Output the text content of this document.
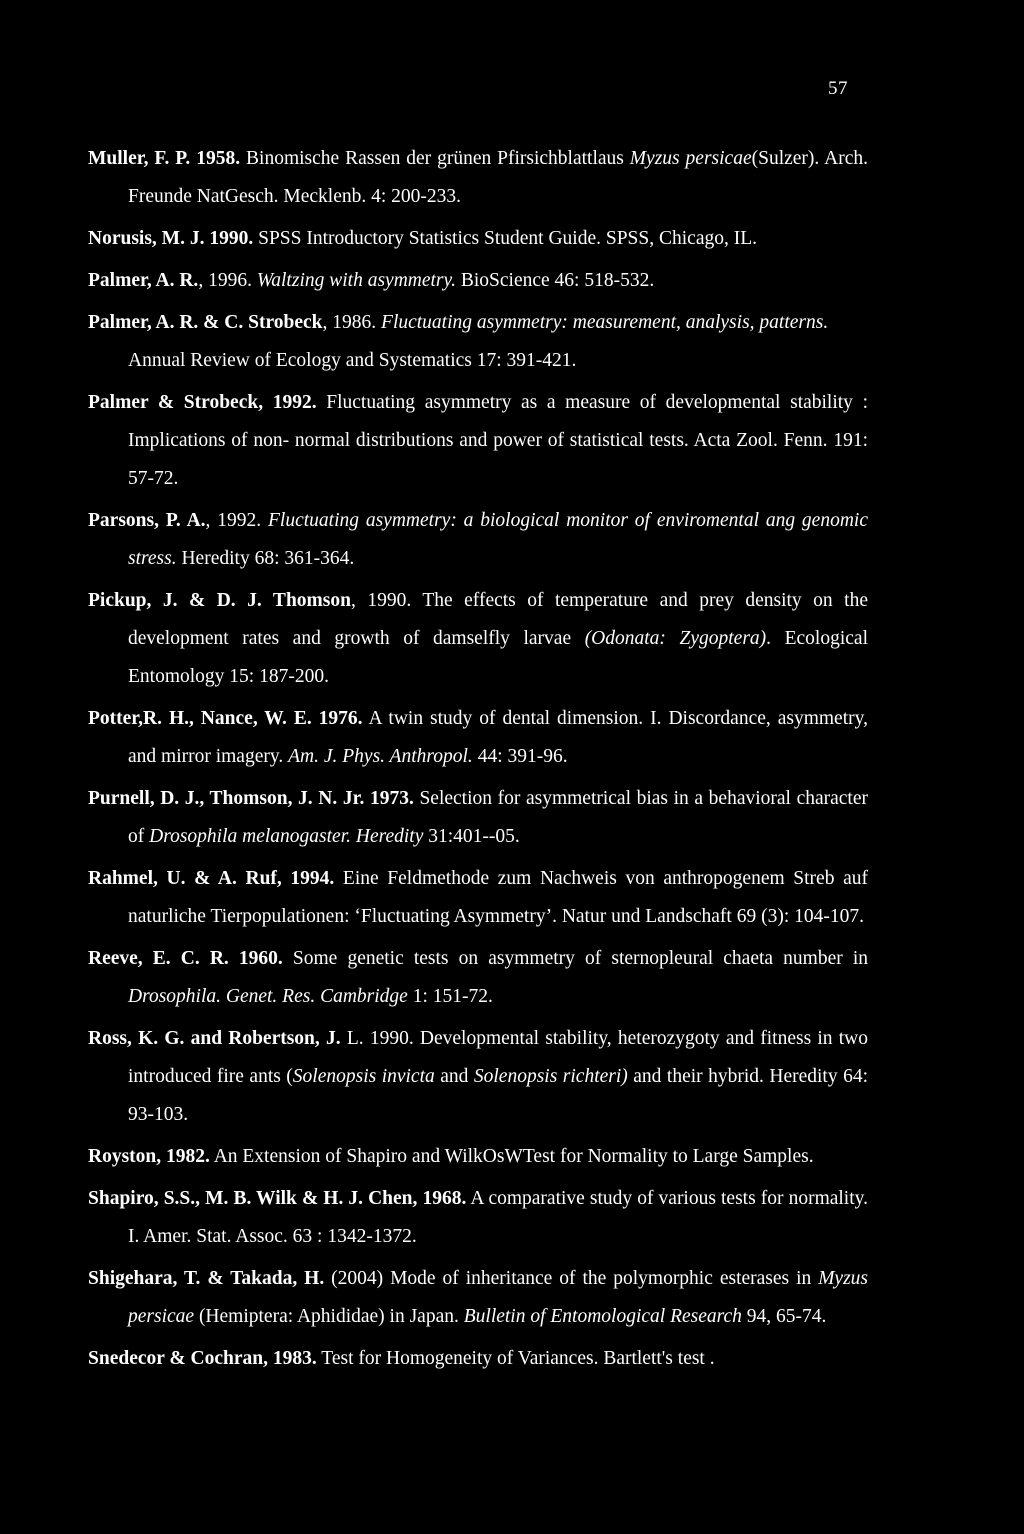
57
Muller, F. P. 1958. Binomische Rassen der grünen Pfirsichblattlaus Myzus persicae(Sulzer). Arch. Freunde NatGesch. Mecklenb. 4: 200-233.
Norusis, M. J. 1990. SPSS Introductory Statistics Student Guide. SPSS, Chicago, IL.
Palmer, A. R., 1996. Waltzing with asymmetry. BioScience 46: 518-532.
Palmer, A. R. & C. Strobeck, 1986. Fluctuating asymmetry: measurement, analysis, patterns. Annual Review of Ecology and Systematics 17: 391-421.
Palmer & Strobeck, 1992. Fluctuating asymmetry as a measure of developmental stability : Implications of non- normal distributions and power of statistical tests. Acta Zool. Fenn. 191: 57-72.
Parsons, P. A., 1992. Fluctuating asymmetry: a biological monitor of enviromental ang genomic stress. Heredity 68: 361-364.
Pickup, J. & D. J. Thomson, 1990. The effects of temperature and prey density on the development rates and growth of damselfly larvae (Odonata: Zygoptera). Ecological Entomology 15: 187-200.
Potter,R. H., Nance, W. E. 1976. A twin study of dental dimension. I. Discordance, asymmetry, and mirror imagery. Am. J. Phys. Anthropol. 44: 391-96.
Purnell, D. J., Thomson, J. N. Jr. 1973. Selection for asymmetrical bias in a behavioral character of Drosophila melanogaster. Heredity 31:401--05.
Rahmel, U. & A. Ruf, 1994. Eine Feldmethode zum Nachweis von anthropogenem Streb auf naturliche Tierpopulationen: ‘Fluctuating Asymmetry’. Natur und Landschaft 69 (3): 104-107.
Reeve, E. C. R. 1960. Some genetic tests on asymmetry of sternopleural chaeta number in Drosophila. Genet. Res. Cambridge 1: 151-72.
Ross, K. G. and Robertson, J. L. 1990. Developmental stability, heterozygoty and fitness in two introduced fire ants (Solenopsis invicta and Solenopsis richteri) and their hybrid. Heredity 64: 93-103.
Royston, 1982. An Extension of Shapiro and WilkOsWTest for Normality to Large Samples.
Shapiro, S.S., M. B. Wilk & H. J. Chen, 1968. A comparative study of various tests for normality. I. Amer. Stat. Assoc. 63 : 1342-1372.
Shigehara, T. & Takada, H. (2004) Mode of inheritance of the polymorphic esterases in Myzus persicae (Hemiptera: Aphididae) in Japan. Bulletin of Entomological Research 94, 65-74.
Snedecor & Cochran, 1983. Test for Homogeneity of Variances. Bartlett's test .
